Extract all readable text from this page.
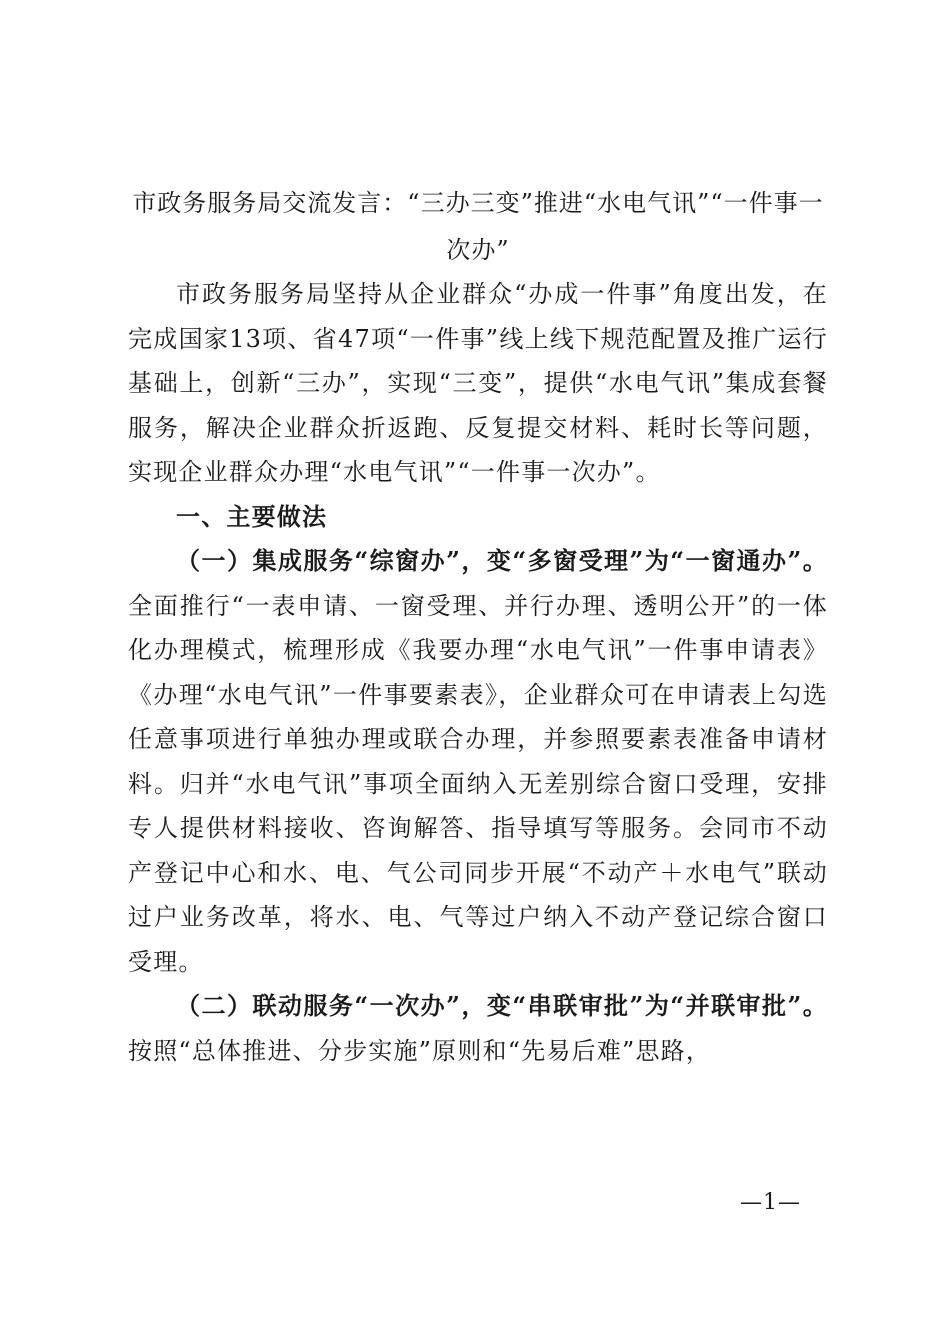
市政务服务局交流发言：“三办三变”推进“水电气讯”“一件事一次办”

市政务服务局坚持从企业群众“办成一件事”角度出发，在完成国家13项、省47项“一件事”线上线下规范配置及推广运行基础上，创新“三办”，实现“三变”，提供“水电气讯”集成套餐服务，解决企业群众折返跑、反复提交材料、耗时长等问题，实现企业群众办理“水电气讯”“一件事一次办”。

一、主要做法

（一）集成服务“综窗办”，变“多窗受理”为“一窗通办”。全面推行“一表申请、一窗受理、并行办理、透明公开”的一体化办理模式，梳理形成《我要办理“水电气讯”一件事申请表》《办理“水电气讯”一件事要素表》，企业群众可在申请表上勾选任意事项进行单独办理或联合办理，并参照要素表准备申请材料。归并“水电气讯”事项全面纳入无差别综合窗口受理，安排专人提供材料接收、咨询解答、指导填写等服务。会同市不动产登记中心和水、电、气公司同步开展“不动产＋水电气”联动过户业务改革，将水、电、气等过户纳入不动产登记综合窗口受理。

（二）联动服务“一次办”，变“串联审批”为“并联审批”。按照“总体推进、分步实施”原则和“先易后难”思路，

—1—
